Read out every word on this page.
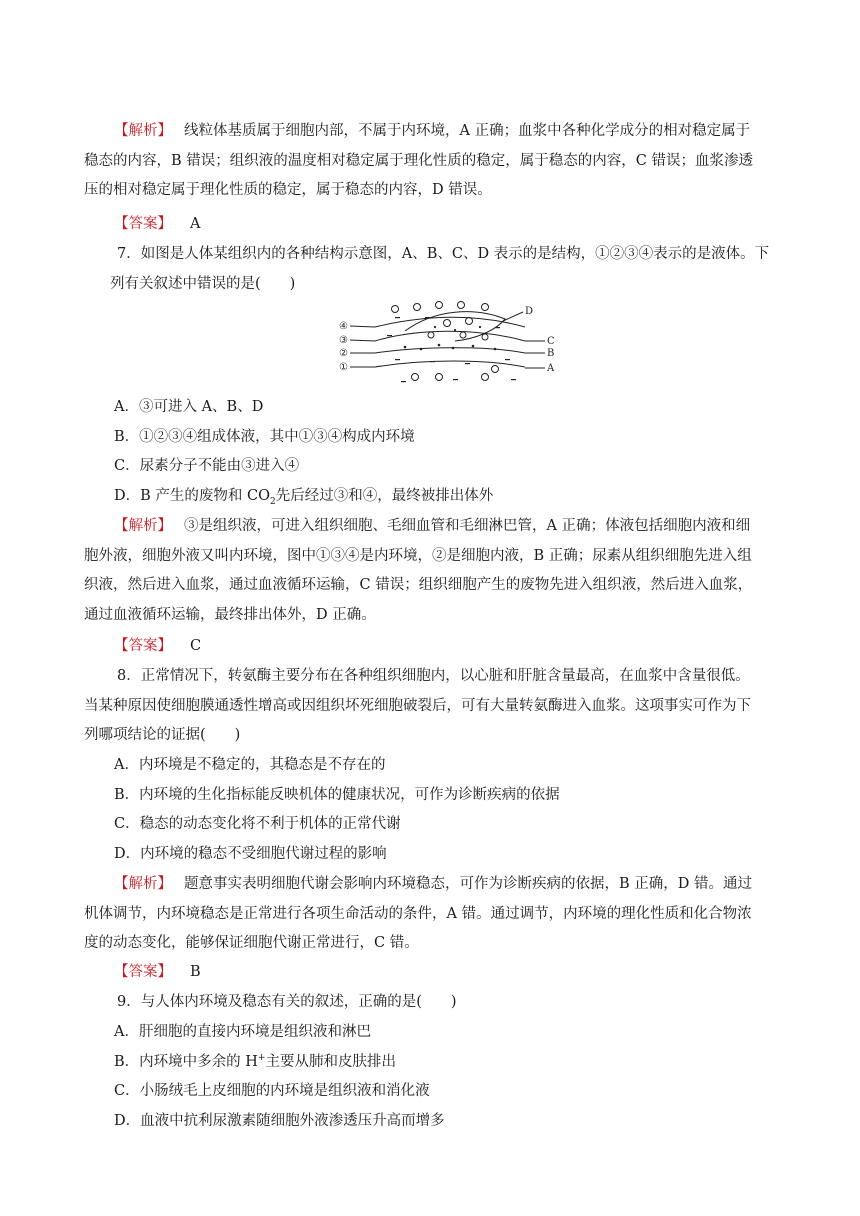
【解析】 线粒体基质属于细胞内部，不属于内环境，A 正确；血浆中各种化学成分的相对稳定属于
稳态的内容，B 错误；组织液的温度相对稳定属于理化性质的稳定，属于稳态的内容，C 错误；血浆渗透
压的相对稳定属于理化性质的稳定，属于稳态的内容，D 错误。
【答案】 A
7．如图是人体某组织内的各种结构示意图，A、B、C、D 表示的是结构，①②③④表示的是液体。下
列有关叙述中错误的是(　　)
④
③
②
①
D
C
B
A
A．③可进入 A、B、D
B．①②③④组成体液，其中①③④构成内环境
C．尿素分子不能由③进入④
D．B 产生的废物和 $CO_2$先后经过③和④，最终被排出体外
【解析】 ③是组织液，可进入组织细胞、毛细血管和毛细淋巴管，A 正确；体液包括细胞内液和细
胞外液，细胞外液又叫内环境，图中①③④是内环境，②是细胞内液，B 正确；尿素从组织细胞先进入组
织液，然后进入血浆，通过血液循环运输，C 错误；组织细胞产生的废物先进入组织液，然后进入血浆，
通过血液循环运输，最终排出体外，D 正确。
【答案】 C
8．正常情况下，转氨酶主要分布在各种组织细胞内，以心脏和肝脏含量最高，在血浆中含量很低。
当某种原因使细胞膜通透性增高或因组织坏死细胞破裂后，可有大量转氨酶进入血浆。这项事实可作为下
列哪项结论的证据(　　)
A．内环境是不稳定的，其稳态是不存在的
B．内环境的生化指标能反映机体的健康状况，可作为诊断疾病的依据
C．稳态的动态变化将不利于机体的正常代谢
D．内环境的稳态不受细胞代谢过程的影响
【解析】 题意事实表明细胞代谢会影响内环境稳态，可作为诊断疾病的依据，B 正确，D 错。通过
机体调节，内环境稳态是正常进行各项生命活动的条件，A 错。通过调节，内环境的理化性质和化合物浓
度的动态变化，能够保证细胞代谢正常进行，C 错。
【答案】 B
9．与人体内环境及稳态有关的叙述，正确的是(　　)
A．肝细胞的直接内环境是组织液和淋巴
B．内环境中多余的 H+主要从肺和皮肤排出
C．小肠绒毛上皮细胞的内环境是组织液和消化液
D．血液中抗利尿激素随细胞外液渗透压升高而增多
